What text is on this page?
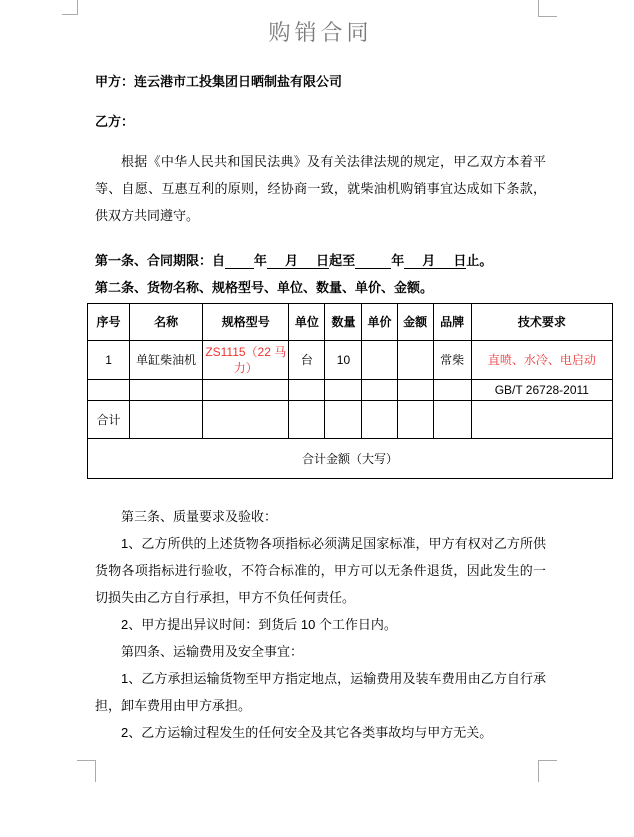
购销合同

甲方：连云港市工投集团日晒制盐有限公司

乙方：

根据《中华人民共和国民法典》及有关法律法规的规定，甲乙双方本着平等、自愿、互惠互利的原则，经协商一致，就柴油机购销事宜达成如下条款，供双方共同遵守。

第一条、合同期限：自 年     月     日起至	年     月     日止。

第二条、货物名称、规格型号、单位、数量、单价、金额。

序号	名称	规格型号	单位	数量	单价	金额	品牌	技术要求
1	单缸柴油机	ZS1115（22 马力）	台	10			常柴	直喷、水冷、电启动
								GB/T 26728-2011
合计								
合计金额（大写）								

第三条、质量要求及验收：

1、乙方所供的上述货物各项指标必须满足国家标准，甲方有权对乙方所供货物各项指标进行验收，不符合标准的，甲方可以无条件退货，因此发生的一切损失由乙方自行承担，甲方不负任何责任。

2、甲方提出异议时间：到货后 10 个工作日内。

第四条、运输费用及安全事宜：

1、乙方承担运输货物至甲方指定地点，运输费用及装车费用由乙方自行承担，卸车费用由甲方承担。

2、乙方运输过程发生的任何安全及其它各类事故均与甲方无关。
